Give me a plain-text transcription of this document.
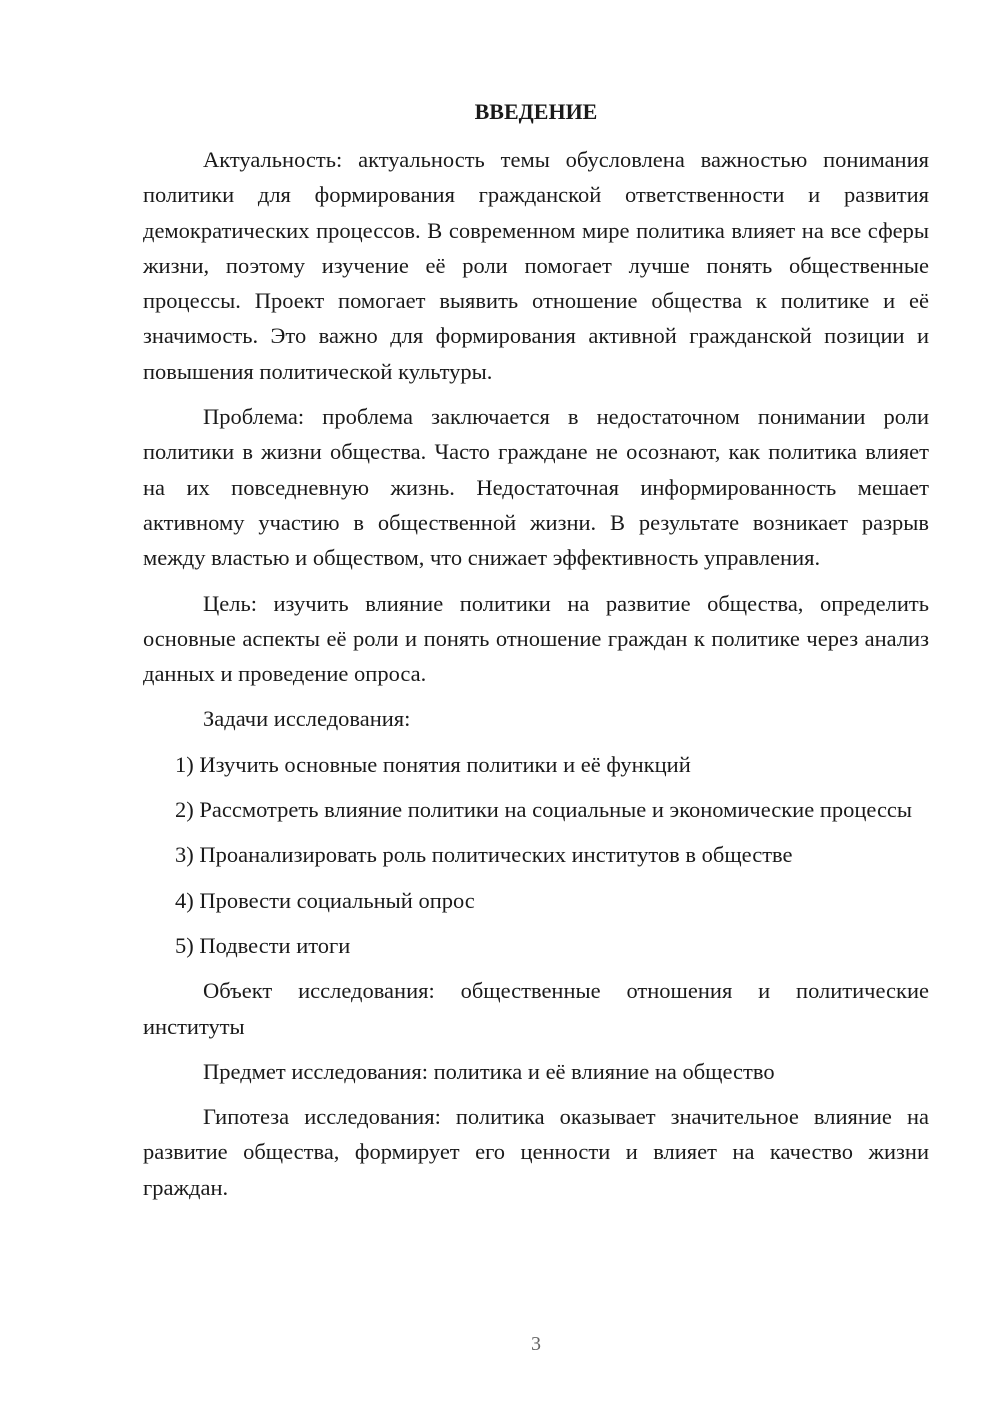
ВВЕДЕНИЕ

Актуальность: актуальность темы обусловлена важностью понимания политики для формирования гражданской ответственности и развития демократических процессов. В современном мире политика влияет на все сферы жизни, поэтому изучение её роли помогает лучше понять общественные процессы. Проект помогает выявить отношение общества к политике и её значимость. Это важно для формирования активной гражданской позиции и повышения политической культуры.

Проблема: проблема заключается в недостаточном понимании роли политики в жизни общества. Часто граждане не осознают, как политика влияет на их повседневную жизнь. Недостаточная информированность мешает активному участию в общественной жизни. В результате возникает разрыв между властью и обществом, что снижает эффективность управления.

Цель: изучить влияние политики на развитие общества, определить основные аспекты её роли и понять отношение граждан к политике через анализ данных и проведение опроса.

Задачи исследования:

1) Изучить основные понятия политики и её функций

2) Рассмотреть влияние политики на социальные и экономические процессы

3) Проанализировать роль политических институтов в обществе

4) Провести социальный опрос

5) Подвести итоги

Объект исследования: общественные отношения и политические институты

Предмет исследования: политика и её влияние на общество

Гипотеза исследования: политика оказывает значительное влияние на развитие общества, формирует его ценности и влияет на качество жизни граждан.

3
